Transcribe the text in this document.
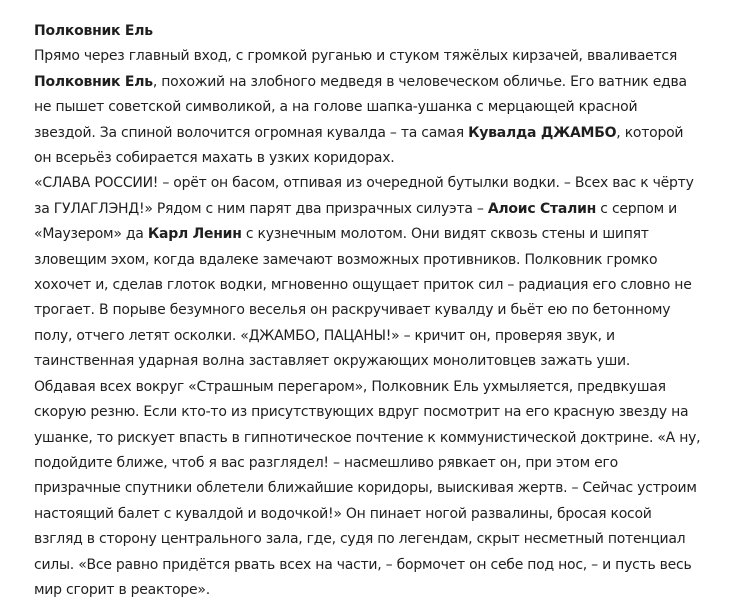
Полковник Ель

Прямо через главный вход, с громкой руганью и стуком тяжёлых кирзачей, вваливается Полковник Ель, похожий на злобного медведя в человеческом обличье. Его ватник едва не пышет советской символикой, а на голове шапка-ушанка с мерцающей красной звездой. За спиной волочится огромная кувалда – та самая Кувалда ДЖАМБО, которой он всерьёз собирается махать в узких коридорах.

«СЛАВА РОССИИ! – орёт он басом, отпивая из очередной бутылки водки. – Всех вас к чёрту за ГУЛАГЛЭНД!» Рядом с ним парят два призрачных силуэта – Алоис Сталин с серпом и «Маузером» да Карл Ленин с кузнечным молотом. Они видят сквозь стены и шипят зловещим эхом, когда вдалеке замечают возможных противников. Полковник громко хохочет и, сделав глоток водки, мгновенно ощущает приток сил – радиация его словно не трогает. В порыве безумного веселья он раскручивает кувалду и бьёт ею по бетонному полу, отчего летят осколки. «ДЖАМБО, ПАЦАНЫ!» – кричит он, проверяя звук, и таинственная ударная волна заставляет окружающих монолитовцев зажать уши.

Обдавая всех вокруг «Страшным перегаром», Полковник Ель ухмыляется, предвкушая скорую резню. Если кто-то из присутствующих вдруг посмотрит на его красную звезду на ушанке, то рискует впасть в гипнотическое почтение к коммунистической доктрине. «А ну, подойдите ближе, чтоб я вас разглядел! – насмешливо рявкает он, при этом его призрачные спутники облетели ближайшие коридоры, выискивая жертв. – Сейчас устроим настоящий балет с кувалдой и водочкой!» Он пинает ногой развалины, бросая косой взгляд в сторону центрального зала, где, судя по легендам, скрыт несметный потенциал силы. «Все равно придётся рвать всех на части, – бормочет он себе под нос, – и пусть весь мир сгорит в реакторе».
